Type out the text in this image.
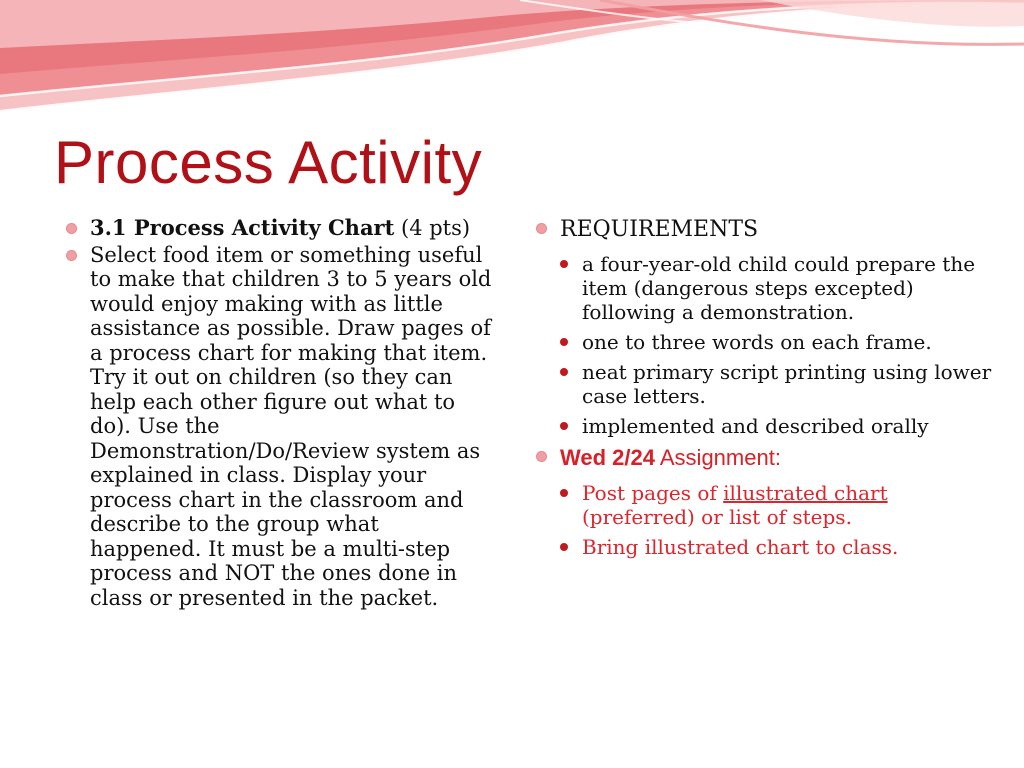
Process Activity
3.1 Process Activity Chart (4 pts)
Select food item or something useful to make that children 3 to 5 years old would enjoy making with as little assistance as possible. Draw pages of a process chart for making that item. Try it out on children (so they can help each other figure out what to do). Use the Demonstration/Do/Review system as explained in class. Display your process chart in the classroom and describe to the group what happened. It must be a multi-step process and NOT the ones done in class or presented in the packet.
REQUIREMENTS
a four-year-old child could prepare the item (dangerous steps excepted) following a demonstration.
one to three words on each frame.
neat primary script printing using lower case letters.
implemented and described orally
Wed 2/24 Assignment:
Post pages of illustrated chart (preferred) or list of steps.
Bring illustrated chart to class.
